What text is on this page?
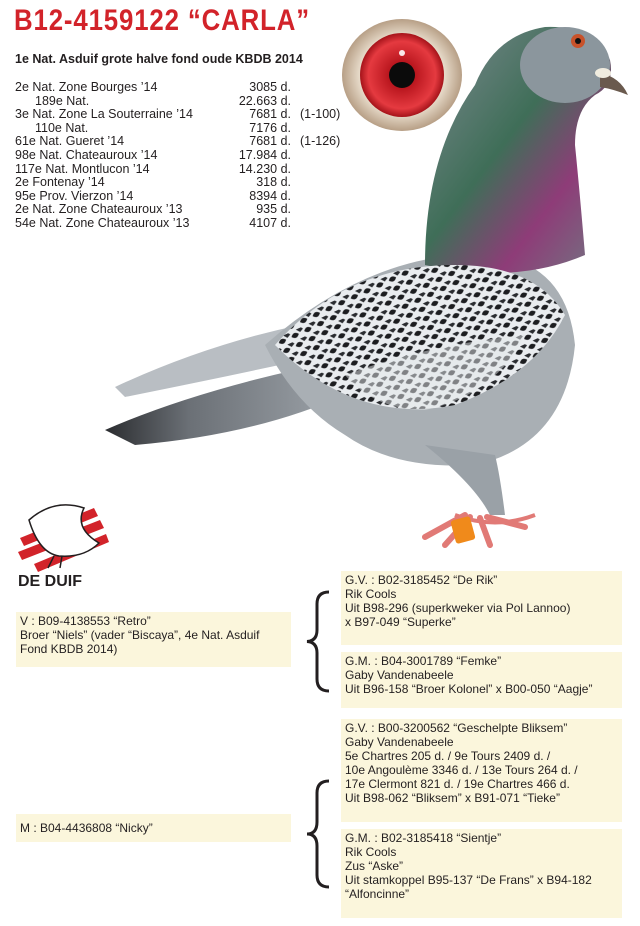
B12-4159122 “CARLA”
1e Nat. Asduif grote halve fond oude KBDB 2014
2e Nat. Zone Bourges ’14	3085 d.
189e Nat.	22.663 d.
3e Nat. Zone La Souterraine ’14	7681 d. (1-100)
110e Nat.	7176 d.
61e Nat. Gueret ’14	7681 d. (1-126)
98e Nat. Chateauroux ’14	17.984 d.
117e Nat. Montlucon ’14	14.230 d.
2e Fontenay ’14	318 d.
95e Prov. Vierzon ’14	8394 d.
2e Nat. Zone Chateauroux ’13	935 d.
54e Nat. Zone Chateauroux ’13	4107 d.
DE DUIF
V : B09-4138553 “Retro”
Broer “Niels” (vader “Biscaya”, 4e Nat. Asduif Fond KBDB 2014)
M : B04-4436808 “Nicky”
G.V. : B02-3185452 “De Rik”
Rik Cools
Uit B98-296 (superkweker via Pol Lannoo)
x B97-049 “Superke”
G.M. : B04-3001789 “Femke”
Gaby Vandenabeele
Uit B96-158 “Broer Kolonel” x B00-050 “Aagje”
G.V. : B00-3200562 “Geschelpte Bliksem”
Gaby Vandenabeele
5e Chartres 205 d. / 9e Tours 2409 d. /
10e Angoulème 3346 d. / 13e Tours 264 d. /
17e Clermont 821 d. / 19e Chartres 466 d.
Uit B98-062 “Bliksem” x B91-071 “Tieke”
G.M. : B02-3185418 “Sientje”
Rik Cools
Zus “Aske”
Uit stamkoppel B95-137 “De Frans” x B94-182
“Alfoncinne”
